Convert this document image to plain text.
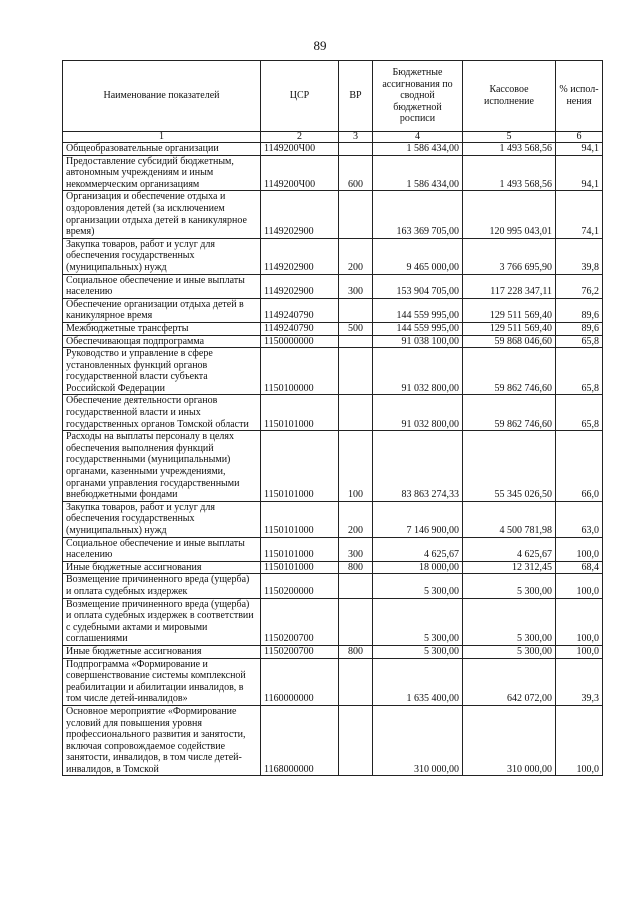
89
Наименование показателей	ЦСР	ВР	Бюджетные ассигнования по сводной бюджетной росписи	Кассовое исполнение	% испол-нения
1	2	3	4	5	6
Общеобразовательные организации	1149200Ч00		1 586 434,00	1 493 568,56	94,1
Предоставление субсидий бюджетным, автономным учреждениям и иным некоммерческим организациям	1149200Ч00	600	1 586 434,00	1 493 568,56	94,1
Организация и обеспечение отдыха и оздоровления детей (за исключением организации отдыха детей в каникулярное время)	1149202900		163 369 705,00	120 995 043,01	74,1
Закупка товаров, работ и услуг для обеспечения государственных (муниципальных) нужд	1149202900	200	9 465 000,00	3 766 695,90	39,8
Социальное обеспечение и иные выплаты населению	1149202900	300	153 904 705,00	117 228 347,11	76,2
Обеспечение организации отдыха детей в каникулярное время	1149240790		144 559 995,00	129 511 569,40	89,6
Межбюджетные трансферты	1149240790	500	144 559 995,00	129 511 569,40	89,6
Обеспечивающая подпрограмма	1150000000		91 038 100,00	59 868 046,60	65,8
Руководство и управление в сфере установленных функций органов государственной власти субъекта Российской Федерации	1150100000		91 032 800,00	59 862 746,60	65,8
Обеспечение деятельности органов государственной власти и иных государственных органов Томской области	1150101000		91 032 800,00	59 862 746,60	65,8
Расходы на выплаты персоналу в целях обеспечения выполнения функций государственными (муниципальными) органами, казенными учреждениями, органами управления государственными внебюджетными фондами	1150101000	100	83 863 274,33	55 345 026,50	66,0
Закупка товаров, работ и услуг для обеспечения государственных (муниципальных) нужд	1150101000	200	7 146 900,00	4 500 781,98	63,0
Социальное обеспечение и иные выплаты населению	1150101000	300	4 625,67	4 625,67	100,0
Иные бюджетные ассигнования	1150101000	800	18 000,00	12 312,45	68,4
Возмещение причиненного вреда (ущерба) и оплата судебных издержек	1150200000		5 300,00	5 300,00	100,0
Возмещение причиненного вреда (ущерба) и оплата судебных издержек в соответствии с судебными актами и мировыми соглашениями	1150200700		5 300,00	5 300,00	100,0
Иные бюджетные ассигнования	1150200700	800	5 300,00	5 300,00	100,0
Подпрограмма «Формирование и совершенствование системы комплексной реабилитации и абилитации инвалидов, в том числе детей-инвалидов»	1160000000		1 635 400,00	642 072,00	39,3
Основное мероприятие «Формирование условий для повышения уровня профессионального развития и занятости, включая сопровождаемое содействие занятости, инвалидов, в том числе детей-инвалидов, в Томской	1168000000		310 000,00	310 000,00	100,0
